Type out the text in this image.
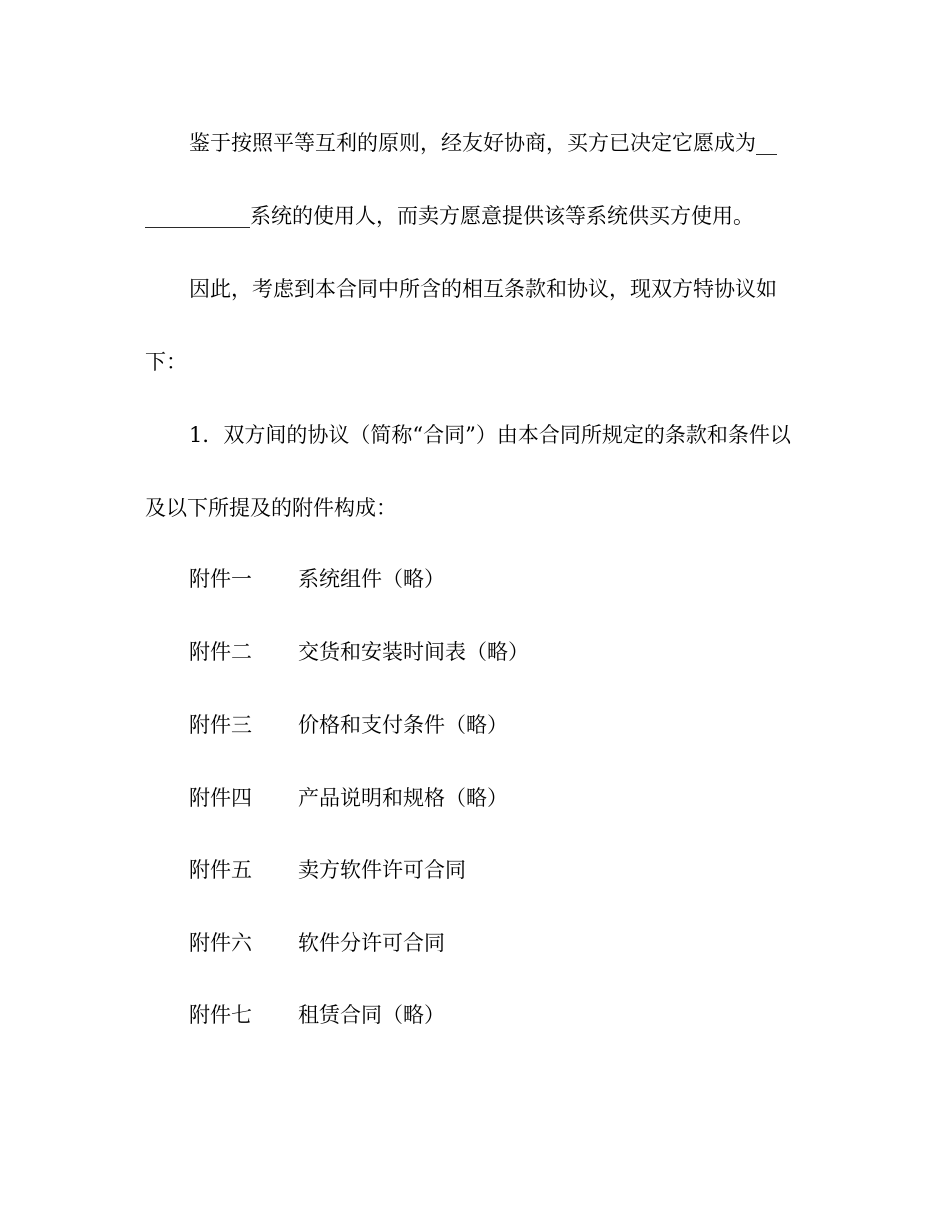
鉴于按照平等互利的原则，经友好协商，买方已决定它愿成为__
__________系统的使用人，而卖方愿意提供该等系统供买方使用。
因此，考虑到本合同中所含的相互条款和协议，现双方特协议如
下：
1．双方间的协议（简称“合同”）由本合同所规定的条款和条件以
及以下所提及的附件构成：
附件一 系统组件（略）
附件二 交货和安装时间表（略）
附件三 价格和支付条件（略）
附件四 产品说明和规格（略）
附件五 卖方软件许可合同
附件六 软件分许可合同
附件七 租赁合同（略）
